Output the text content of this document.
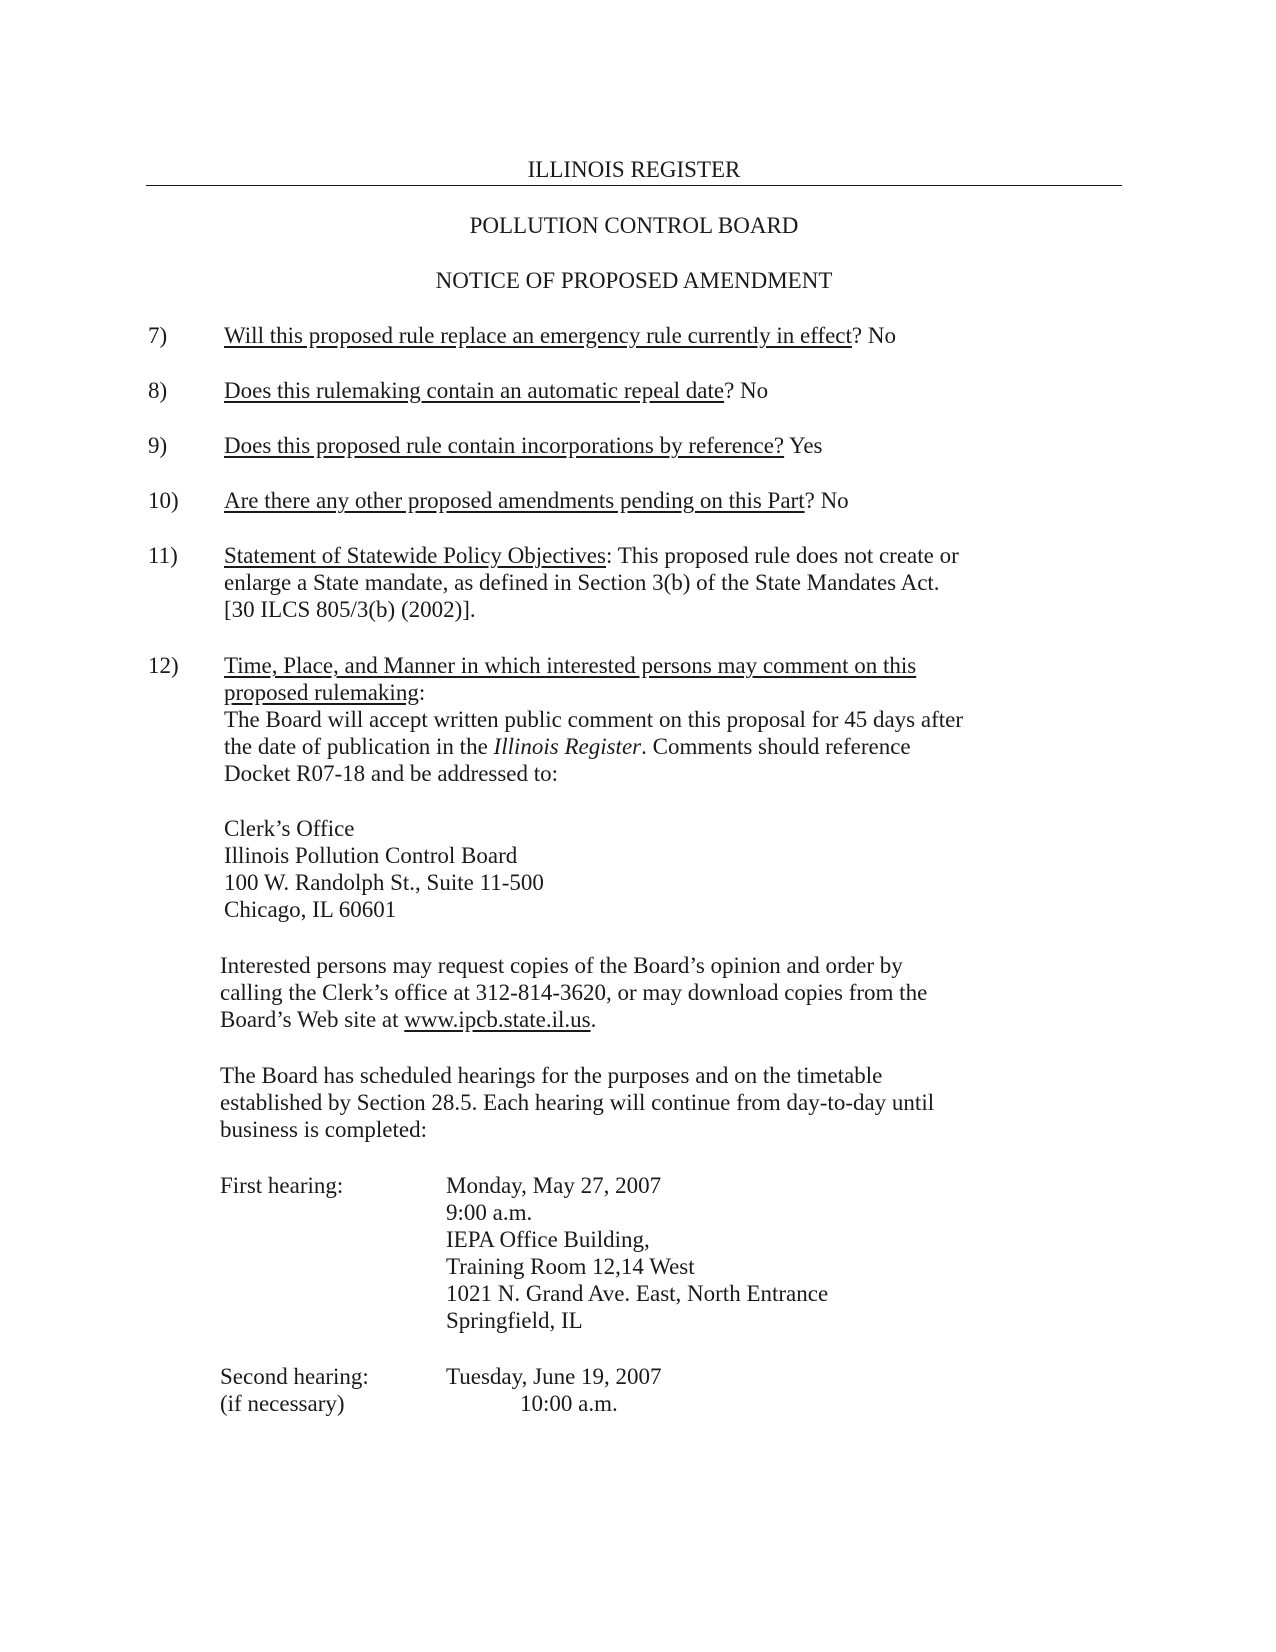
ILLINOIS REGISTER
POLLUTION CONTROL BOARD
NOTICE OF PROPOSED AMENDMENT
7) Will this proposed rule replace an emergency rule currently in effect? No
8) Does this rulemaking contain an automatic repeal date? No
9) Does this proposed rule contain incorporations by reference? Yes
10) Are there any other proposed amendments pending on this Part? No
11) Statement of Statewide Policy Objectives: This proposed rule does not create or
enlarge a State mandate, as defined in Section 3(b) of the State Mandates Act.
[30 ILCS 805/3(b) (2002)].
12) Time, Place, and Manner in which interested persons may comment on this
proposed rulemaking:
The Board will accept written public comment on this proposal for 45 days after
the date of publication in the Illinois Register. Comments should reference
Docket R07-18 and be addressed to:
Clerk’s Office
Illinois Pollution Control Board
100 W. Randolph St., Suite 11-500
Chicago, IL 60601
Interested persons may request copies of the Board’s opinion and order by
calling the Clerk’s office at 312-814-3620, or may download copies from the
Board’s Web site at www.ipcb.state.il.us.
The Board has scheduled hearings for the purposes and on the timetable
established by Section 28.5. Each hearing will continue from day-to-day until
business is completed:
First hearing:	Monday, May 27, 2007
9:00 a.m.
IEPA Office Building,
Training Room 12,14 West
1021 N. Grand Ave. East, North Entrance
Springfield, IL
Second hearing:
(if necessary)
Tuesday, June 19, 2007
10:00 a.m.
